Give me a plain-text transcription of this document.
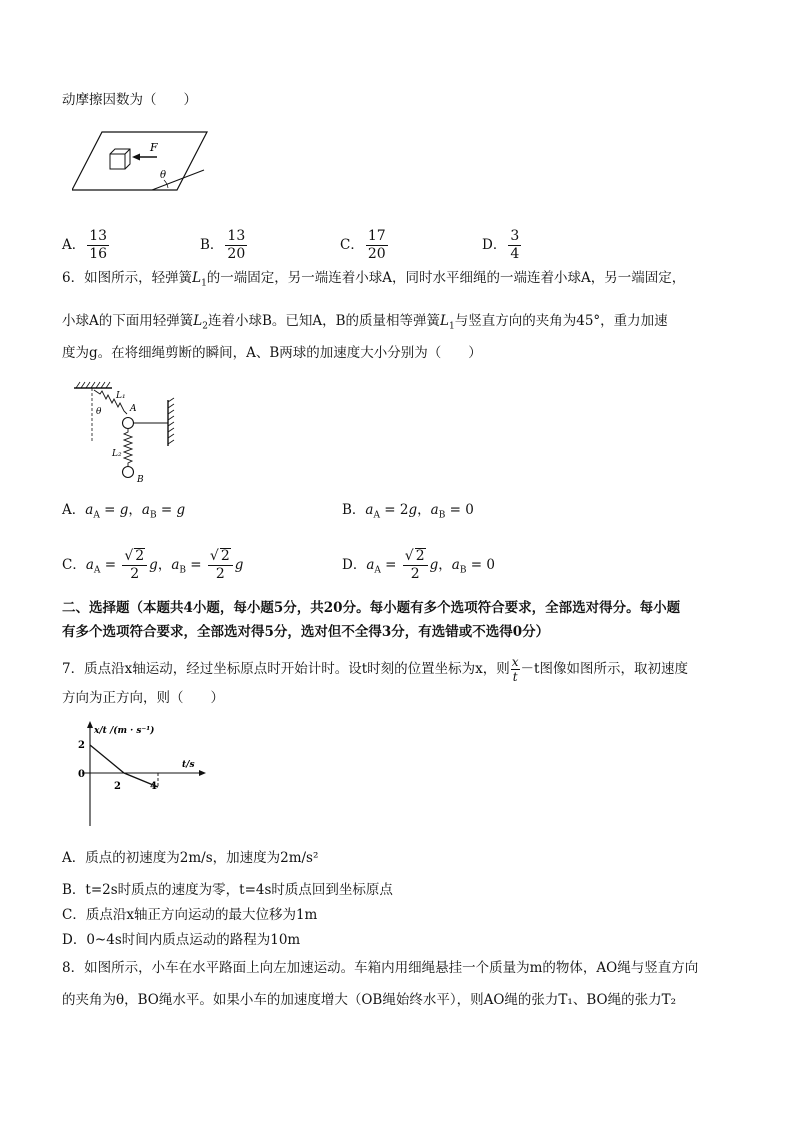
动摩擦因数为（　　）
θ
F
A． $\frac{13}{16}$	B． $\frac{13}{20}$	C． $\frac{17}{20}$	D． $\frac{3}{4}$
6．如图所示，轻弹簧$L_1$的一端固定，另一端连着小球A，同时水平细绳的一端连着小球A，另一端固定，
小球A的下面用轻弹簧$L_2$连着小球B。已知A，B的质量相等弹簧$L_1$与竖直方向的夹角为45°，重力加速
度为g。在将细绳剪断的瞬间，A、B两球的加速度大小分别为（　　）
θ
L₁
A
L₂
B
A．$a_A = g$，$a_B = g$	B．$a_A = 2g$，$a_B = 0$
C．$a_A = \frac{√ 2}{2}$ g，$a_B = \frac{√ 2}{2}$ g	D．$a_A = \frac{√ 2}{2}$ g，$a_B = 0$
二、选择题（本题共4小题，每小题5分，共20分。每小题有多个选项符合要求，全部选对得分。每小题
有多个选项符合要求，全部选对得5分，选对但不全得3分，有选错或不选得0分）
7．质点沿x轴运动，经过坐标原点时开始计时。设t时刻的位置坐标为x，则 $\frac{x}{t} -t$图像如图所示，取初速度
方向为正方向，则（　　）
x/t /(m · s⁻¹)
t/s
2
0
2	4
A．质点的初速度为2m/s，加速度为2m/s²
B．t=2s时质点的速度为零，t=4s时质点回到坐标原点
C．质点沿x轴正方向运动的最大位移为1m
D．0~4s时间内质点运动的路程为10m
8．如图所示，小车在水平路面上向左加速运动。车箱内用细绳悬挂一个质量为m的物体，AO绳与竖直方向
的夹角为θ，BO绳水平。如果小车的加速度增大（OB绳始终水平），则AO绳的张力T₁、BO绳的张力T₂
